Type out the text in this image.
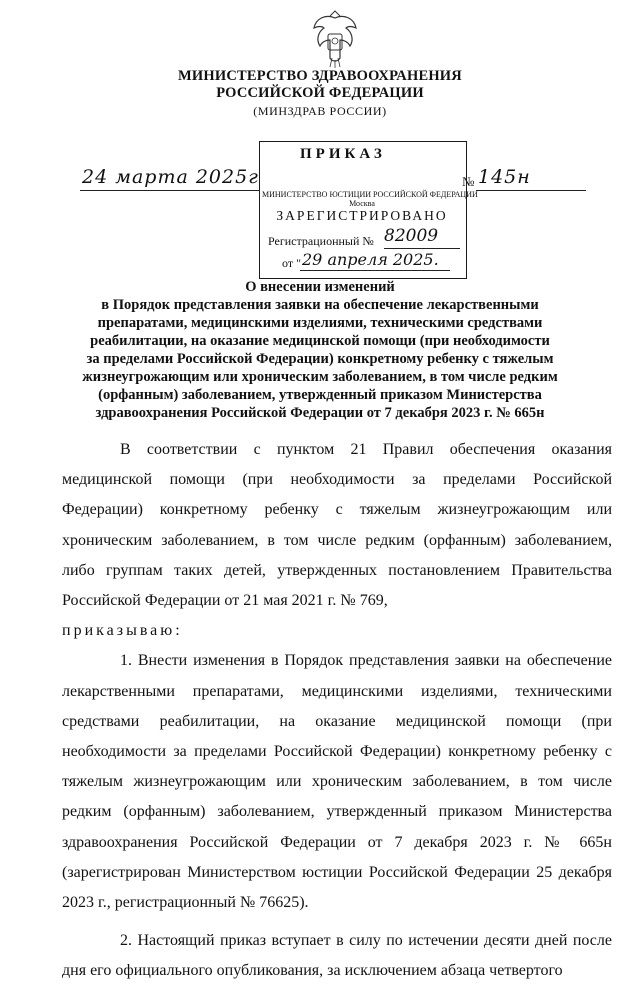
МИНИСТЕРСТВО ЗДРАВООХРАНЕНИЯ
РОССИЙСКОЙ ФЕДЕРАЦИИ
(МИНЗДРАВ РОССИИ)
ПРИКАЗ
24 марта 2025г	№ 145н
МИНИСТЕРСТВО ЮСТИЦИИ РОССИЙСКОЙ ФЕДЕРАЦИИ
Москва
ЗАРЕГИСТРИРОВАНО
Регистрационный № 82009
от " 29 апреля 2025.
О внесении изменений
в Порядок представления заявки на обеспечение лекарственными
препаратами, медицинскими изделиями, техническими средствами
реабилитации, на оказание медицинской помощи (при необходимости
за пределами Российской Федерации) конкретному ребенку с тяжелым
жизнеугрожающим или хроническим заболеванием, в том числе редким
(орфанным) заболеванием, утвержденный приказом Министерства
здравоохранения Российской Федерации от 7 декабря 2023 г. № 665н

В соответствии с пунктом 21 Правил обеспечения оказания медицинской помощи (при необходимости за пределами Российской Федерации) конкретному ребенку с тяжелым жизнеугрожающим или хроническим заболеванием, в том числе редким (орфанным) заболеванием, либо группам таких детей, утвержденных постановлением Правительства Российской Федерации от 21 мая 2021 г. № 769,

приказываю:

1. Внести изменения в Порядок представления заявки на обеспечение лекарственными препаратами, медицинскими изделиями, техническими средствами реабилитации, на оказание медицинской помощи (при необходимости за пределами Российской Федерации) конкретному ребенку с тяжелым жизнеугрожающим или хроническим заболеванием, в том числе редким (орфанным) заболеванием, утвержденный приказом Министерства здравоохранения Российской Федерации от 7 декабря 2023 г. № 665н (зарегистрирован Министерством юстиции Российской Федерации 25 декабря 2023 г., регистрационный № 76625).

2. Настоящий приказ вступает в силу по истечении десяти дней после дня его официального опубликования, за исключением абзаца четвертого
